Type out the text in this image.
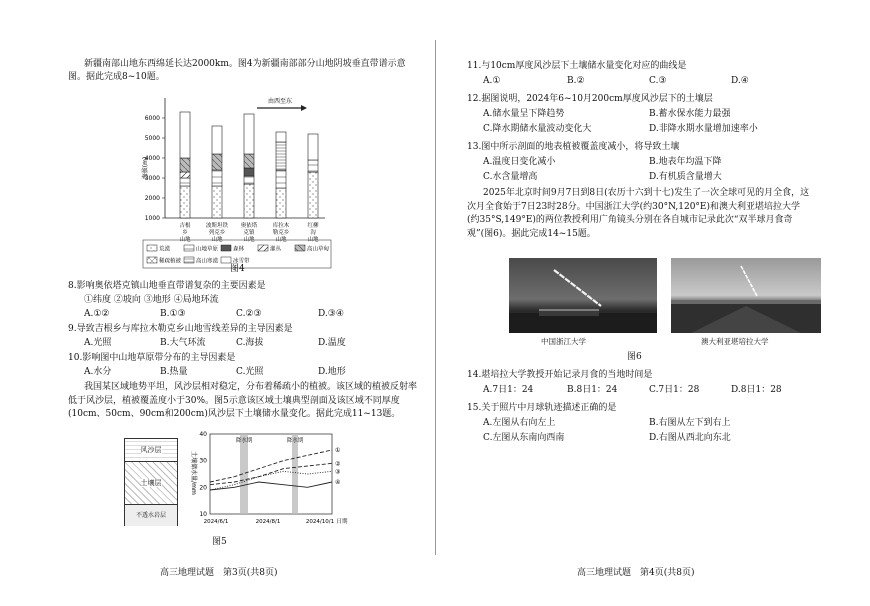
新疆南部山地东西绵延长达2000km。图4为新疆南部部分山地阴坡垂直带谱示意
图。据此完成8~10题。
海拔(m)
1000
2000
3000
4000
5000
6000
由西至东
吉根
乡
山地
波斯坦铁
列克乡
山地
奥依塔
克镇
山地
库拉木
勒克乡
山地
红柳
沟
山地
荒漠	山地草原	森林	灌丛	高山草甸
稀疏植被	高山寒漠	冰雪带
图4
8.影响奥依塔克镇山地垂直带谱复杂的主要因素是
①纬度 ②坡向 ③地形 ④局地环流
A.①②	B.①③	C.②③	D.③④
9.导致吉根乡与库拉木勒克乡山地雪线差异的主导因素是
A.光照	B.大气环流	C.海拔	D.温度
10.影响图中山地草原带分布的主导因素是
A.水分	B.热量	C.光照	D.地形
我国某区域地势平坦，风沙层相对稳定，分布着稀疏小的植被。该区域的植被反射率低于风沙层，植被覆盖度小于30%。图5示意该区域土壤典型剖面及该区域不同厚度(10cm、50cm、90cm和200cm)风沙层下土壤储水量变化。据此完成11~13题。
风沙层
土壤层
不透水岩层
土壤储水量/mm
降水期	降水期
10
20
30
40
2024/6/1	2024/8/1	2024/10/1 日期
①
②
③
④
图5
高三地理试题　第3页(共8页)
11.与10cm厚度风沙层下土壤储水量变化对应的曲线是
A.①	B.②	C.③	D.④
12.据图说明，2024年6~10月200cm厚度风沙层下的土壤层
A.储水量呈下降趋势	B.蓄水保水能力最强
C.降水期储水量波动变化大	D.非降水期水量增加速率小
13.图中所示剖面的地表植被覆盖度减小，将导致土壤
A.温度日变化减小	B.地表年均温下降
C.水含量增高	D.有机质含量增大
2025年北京时间9月7日到8日(农历十六到十七)发生了一次全球可见的月全食，这次月全食始于7日23时28分。中国浙江大学(约30°N,120°E)和澳大利亚堪培拉大学(约35°S,149°E)的两位教授利用广角镜头分别在各自城市记录此次“双半球月食奇观”(图6)。据此完成14~15题。
中国浙江大学	澳大利亚堪培拉大学
图6
14.堪培拉大学教授开始记录月食的当地时间是
A.7日1：24	B.8日1：24	C.7日1：28	D.8日1：28
15.关于照片中月球轨迹描述正确的是
A.左图从右向左上	B.右图从左下到右上
C.左图从东南向西南	D.右图从西北向东北
高三地理试题　第4页(共8页)
